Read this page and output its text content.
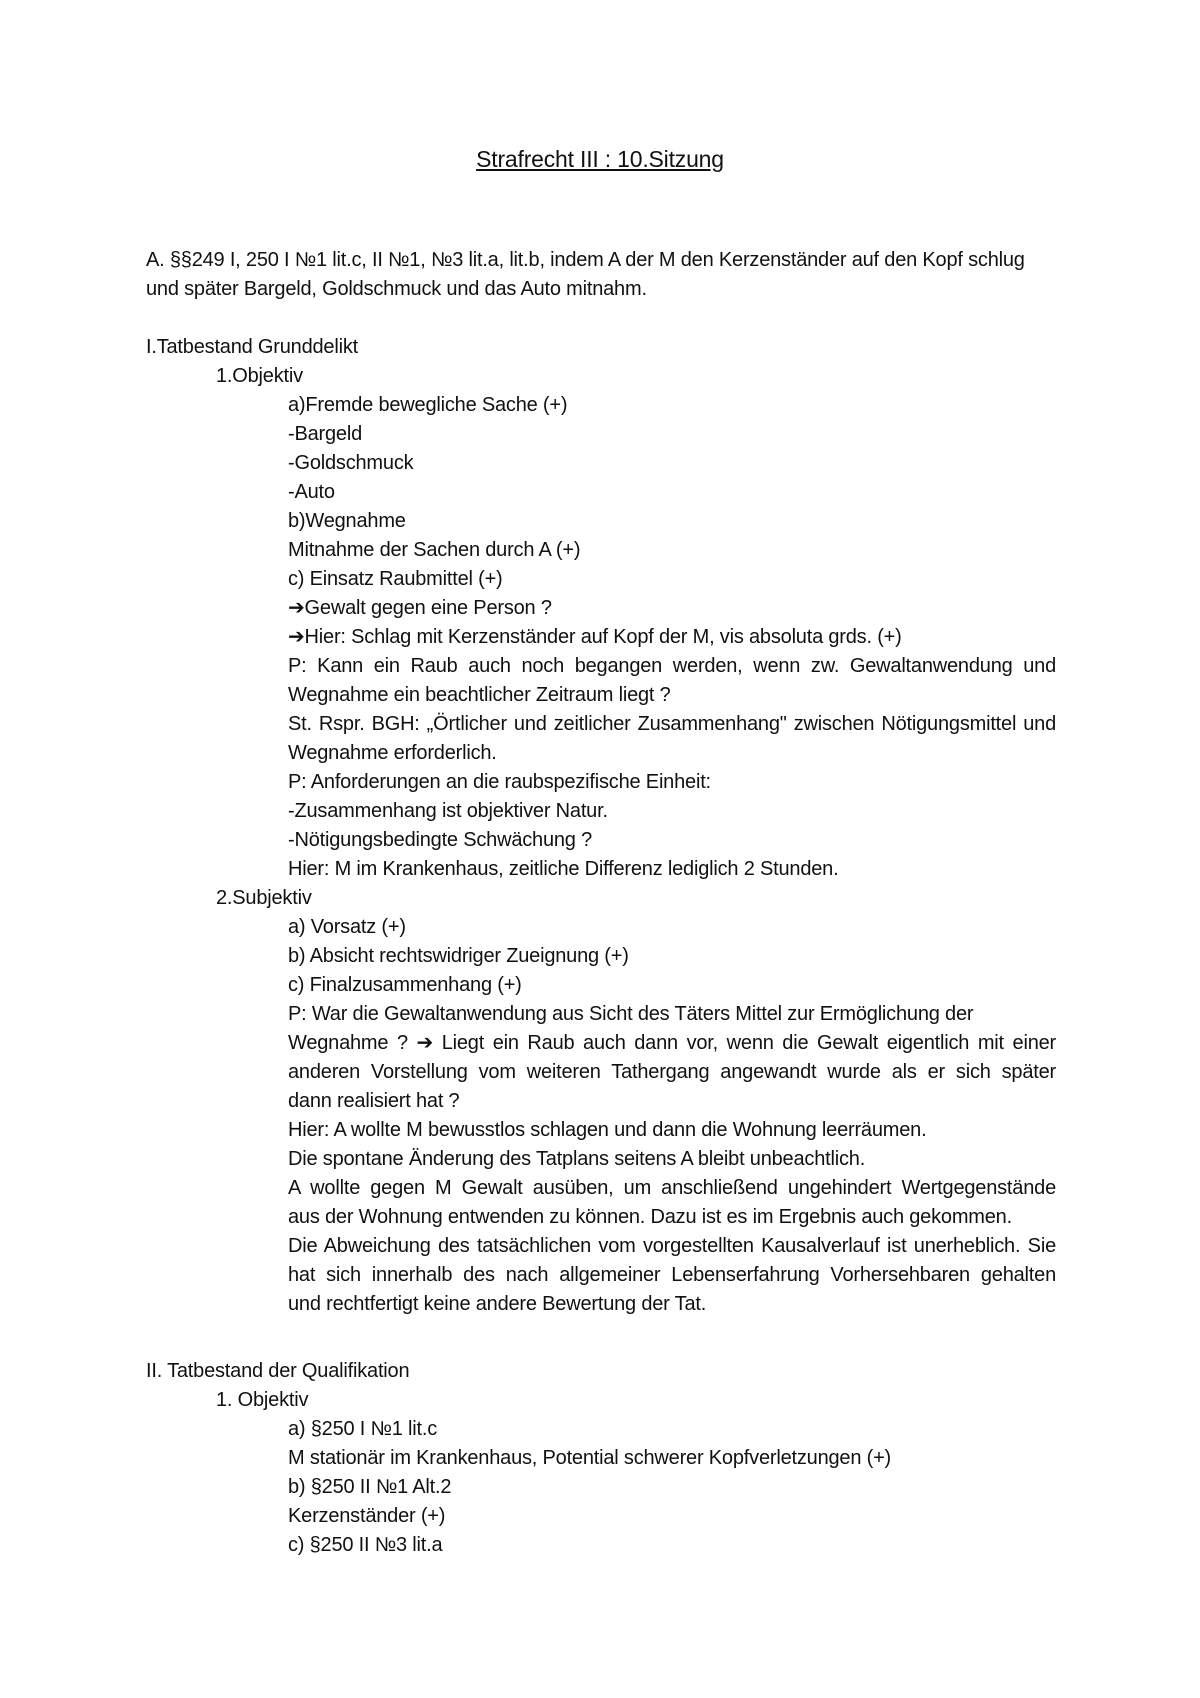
Strafrecht III : 10.Sitzung
A. §§249 I, 250 I №1 lit.c, II №1, №3 lit.a, lit.b, indem A der M den Kerzenständer auf den Kopf schlug
und später Bargeld, Goldschmuck und das Auto mitnahm.
I.Tatbestand Grunddelikt
1.Objektiv
a)Fremde bewegliche Sache (+)
-Bargeld
-Goldschmuck
-Auto
b)Wegnahme
Mitnahme der Sachen durch A (+)
c) Einsatz Raubmittel (+)
➔Gewalt gegen eine Person ?
➔Hier: Schlag mit Kerzenständer auf Kopf der M, vis absoluta grds. (+)
P: Kann ein Raub auch noch begangen werden, wenn zw. Gewaltanwendung und
Wegnahme ein beachtlicher Zeitraum liegt ?
St. Rspr. BGH: „Örtlicher und zeitlicher Zusammenhang" zwischen Nötigungsmittel und
Wegnahme erforderlich.
P: Anforderungen an die raubspezifische Einheit:
-Zusammenhang ist objektiver Natur.
-Nötigungsbedingte Schwächung ?
Hier: M im Krankenhaus, zeitliche Differenz lediglich 2 Stunden.
2.Subjektiv
a) Vorsatz (+)
b) Absicht rechtswidriger Zueignung (+)
c) Finalzusammenhang (+)
P: War die Gewaltanwendung aus Sicht des Täters Mittel zur Ermöglichung der
Wegnahme ? ➔ Liegt ein Raub auch dann vor, wenn die Gewalt eigentlich mit einer
anderen Vorstellung vom weiteren Tathergang angewandt wurde als er sich später
dann realisiert hat ?
Hier: A wollte M bewusstlos schlagen und dann die Wohnung leerräumen.
Die spontane Änderung des Tatplans seitens A bleibt unbeachtlich.
A wollte gegen M Gewalt ausüben, um anschließend ungehindert Wertgegenstände
aus der Wohnung entwenden zu können. Dazu ist es im Ergebnis auch gekommen.
Die Abweichung des tatsächlichen vom vorgestellten Kausalverlauf ist unerheblich. Sie
hat sich innerhalb des nach allgemeiner Lebenserfahrung Vorhersehbaren gehalten
und rechtfertigt keine andere Bewertung der Tat.
II. Tatbestand der Qualifikation
1. Objektiv
a) §250 I №1 lit.c
M stationär im Krankenhaus, Potential schwerer Kopfverletzungen (+)
b) §250 II №1 Alt.2
Kerzenständer (+)
c) §250 II №3 lit.a
